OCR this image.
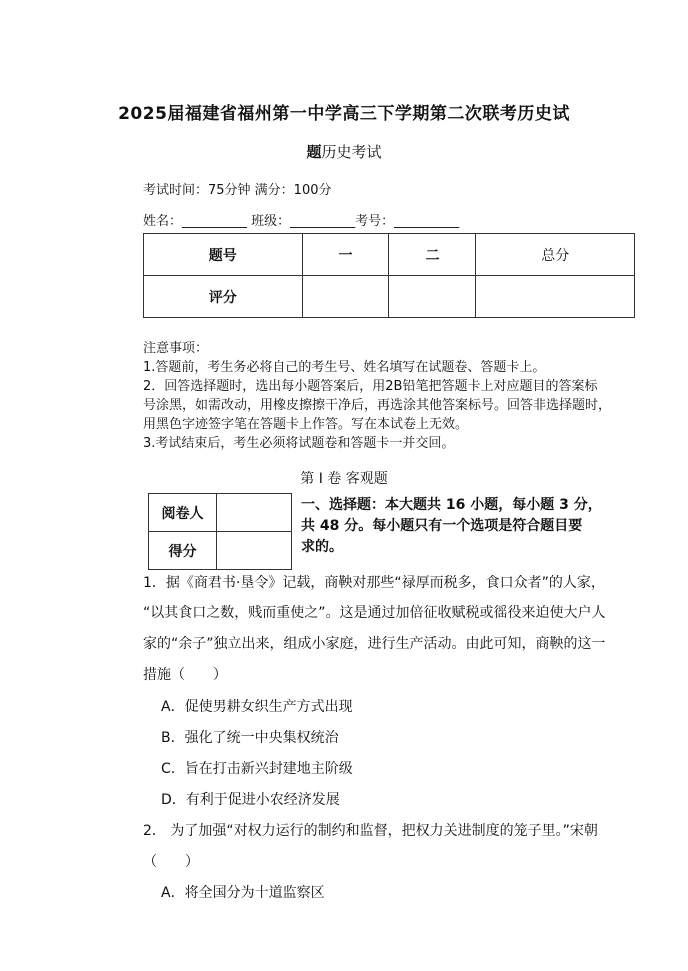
2025届福建省福州第一中学高三下学期第二次联考历史试
题历史考试
考试时间：75分钟 满分：100分
姓名：__________ 班级：__________考号：__________
题号	一	二	总分
评分			
注意事项：
1.答题前，考生务必将自己的考生号、姓名填写在试题卷、答题卡上。
2．回答选择题时，选出每小题答案后，用2B铅笔把答题卡上对应题目的答案标
号涂黑，如需改动，用橡皮擦擦干净后，再选涂其他答案标号。回答非选择题时，
用黑色字迹签字笔在答题卡上作答。写在本试卷上无效。
3.考试结束后，考生必须将试题卷和答题卡一并交回。
第 I 卷 客观题
阅卷人	
得分	
一、选择题：本大题共 16 小题，每小题 3 分，
共 48 分。每小题只有一个选项是符合题目要
求的。
1．据《商君书·垦令》记载，商鞅对那些“禄厚而税多，食口众者”的人家，
“以其食口之数，贱而重使之”。这是通过加倍征收赋税或徭役来迫使大户人
家的“余子”独立出来，组成小家庭，进行生产活动。由此可知，商鞅的这一
措施（　　）
A．促使男耕女织生产方式出现
B．强化了统一中央集权统治
C．旨在打击新兴封建地主阶级
D．有利于促进小农经济发展
2． 为了加强“对权力运行的制约和监督，把权力关进制度的笼子里。”宋朝
（　　）
A．将全国分为十道监察区
